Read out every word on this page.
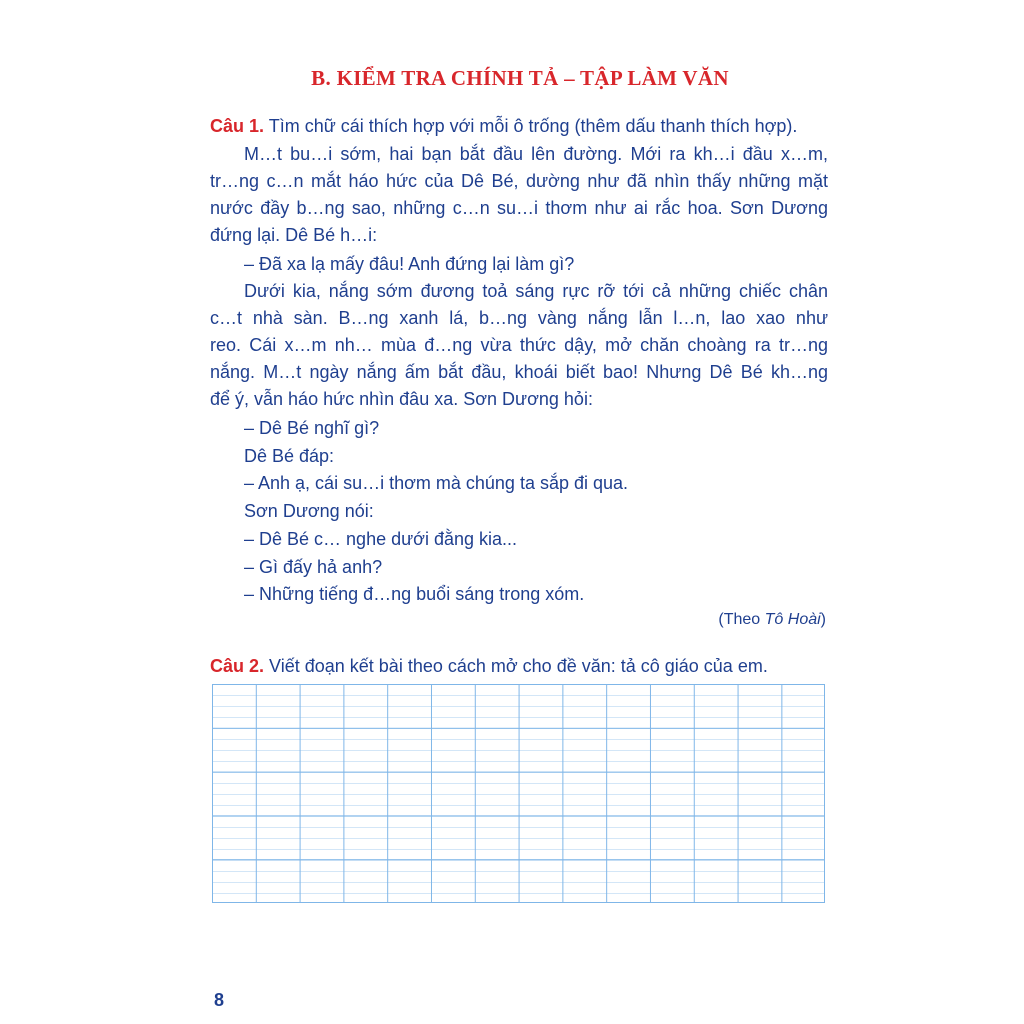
B. KIỂM TRA CHÍNH TẢ – TẬP LÀM VĂN
Câu 1. Tìm chữ cái thích hợp với mỗi ô trống (thêm dấu thanh thích hợp).
M…t bu…i sớm, hai bạn bắt đầu lên đường. Mới ra kh…i đầu x…m,
tr…ng c…n mắt háo hức của Dê Bé, dường như đã nhìn thấy những mặt
nước đầy b…ng sao, những c…n su…i thơm như ai rắc hoa. Sơn Dương
đứng lại. Dê Bé h…i:
– Đã xa lạ mấy đâu! Anh đứng lại làm gì?
Dưới kia, nắng sớm đương toả sáng rực rỡ tới cả những chiếc chân
c…t nhà sàn. B…ng xanh lá, b…ng vàng nắng lẫn l…n, lao xao như
reo. Cái x…m nh… mùa đ…ng vừa thức dậy, mở chăn choàng ra tr…ng
nắng. M…t ngày nắng ấm bắt đầu, khoái biết bao! Nhưng Dê Bé kh…ng
để ý, vẫn háo hức nhìn đâu xa. Sơn Dương hỏi:
– Dê Bé nghĩ gì?
Dê Bé đáp:
– Anh ạ, cái su…i thơm mà chúng ta sắp đi qua.
Sơn Dương nói:
– Dê Bé c… nghe dưới đằng kia...
– Gì đấy hả anh?
– Những tiếng đ…ng buổi sáng trong xóm.
(Theo Tô Hoài)
Câu 2. Viết đoạn kết bài theo cách mở cho đề văn: tả cô giáo của em.
8
